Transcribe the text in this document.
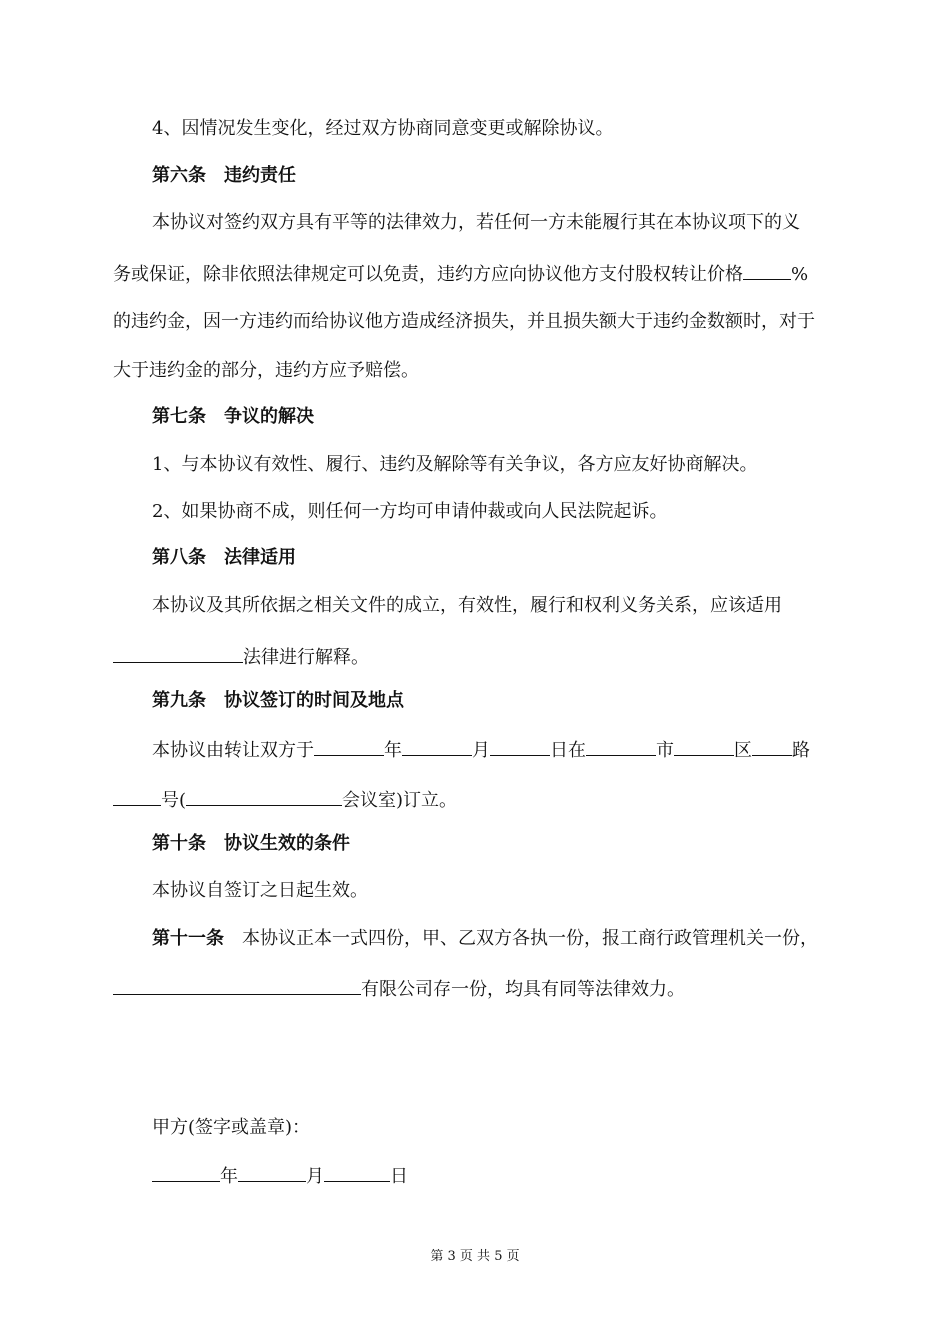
4、因情况发生变化，经过双方协商同意变更或解除协议。
第六条 违约责任
本协议对签约双方具有平等的法律效力，若任何一方未能履行其在本协议项下的义
务或保证，除非依照法律规定可以免责，违约方应向协议他方支付股权转让价格	%
的违约金，因一方违约而给协议他方造成经济损失，并且损失额大于违约金数额时，对于
大于违约金的部分，违约方应予赔偿。
第七条 争议的解决
1、与本协议有效性、履行、违约及解除等有关争议，各方应友好协商解决。
2、如果协商不成，则任何一方均可申请仲裁或向人民法院起诉。
第八条 法律适用
本协议及其所依据之相关文件的成立，有效性，履行和权利义务关系，应该适用
法律进行解释。
第九条 协议签订的时间及地点
本协议由转让双方于	年	月	日在	市	区 路
号(	会议室)订立。
第十条 协议生效的条件
本协议自签订之日起生效。
第十一条 本协议正本一式四份，甲、乙双方各执一份，报工商行政管理机关一份，
有限公司存一份，均具有同等法律效力。
甲方(签字或盖章)：
年	月	日
第 3 页 共 5 页
